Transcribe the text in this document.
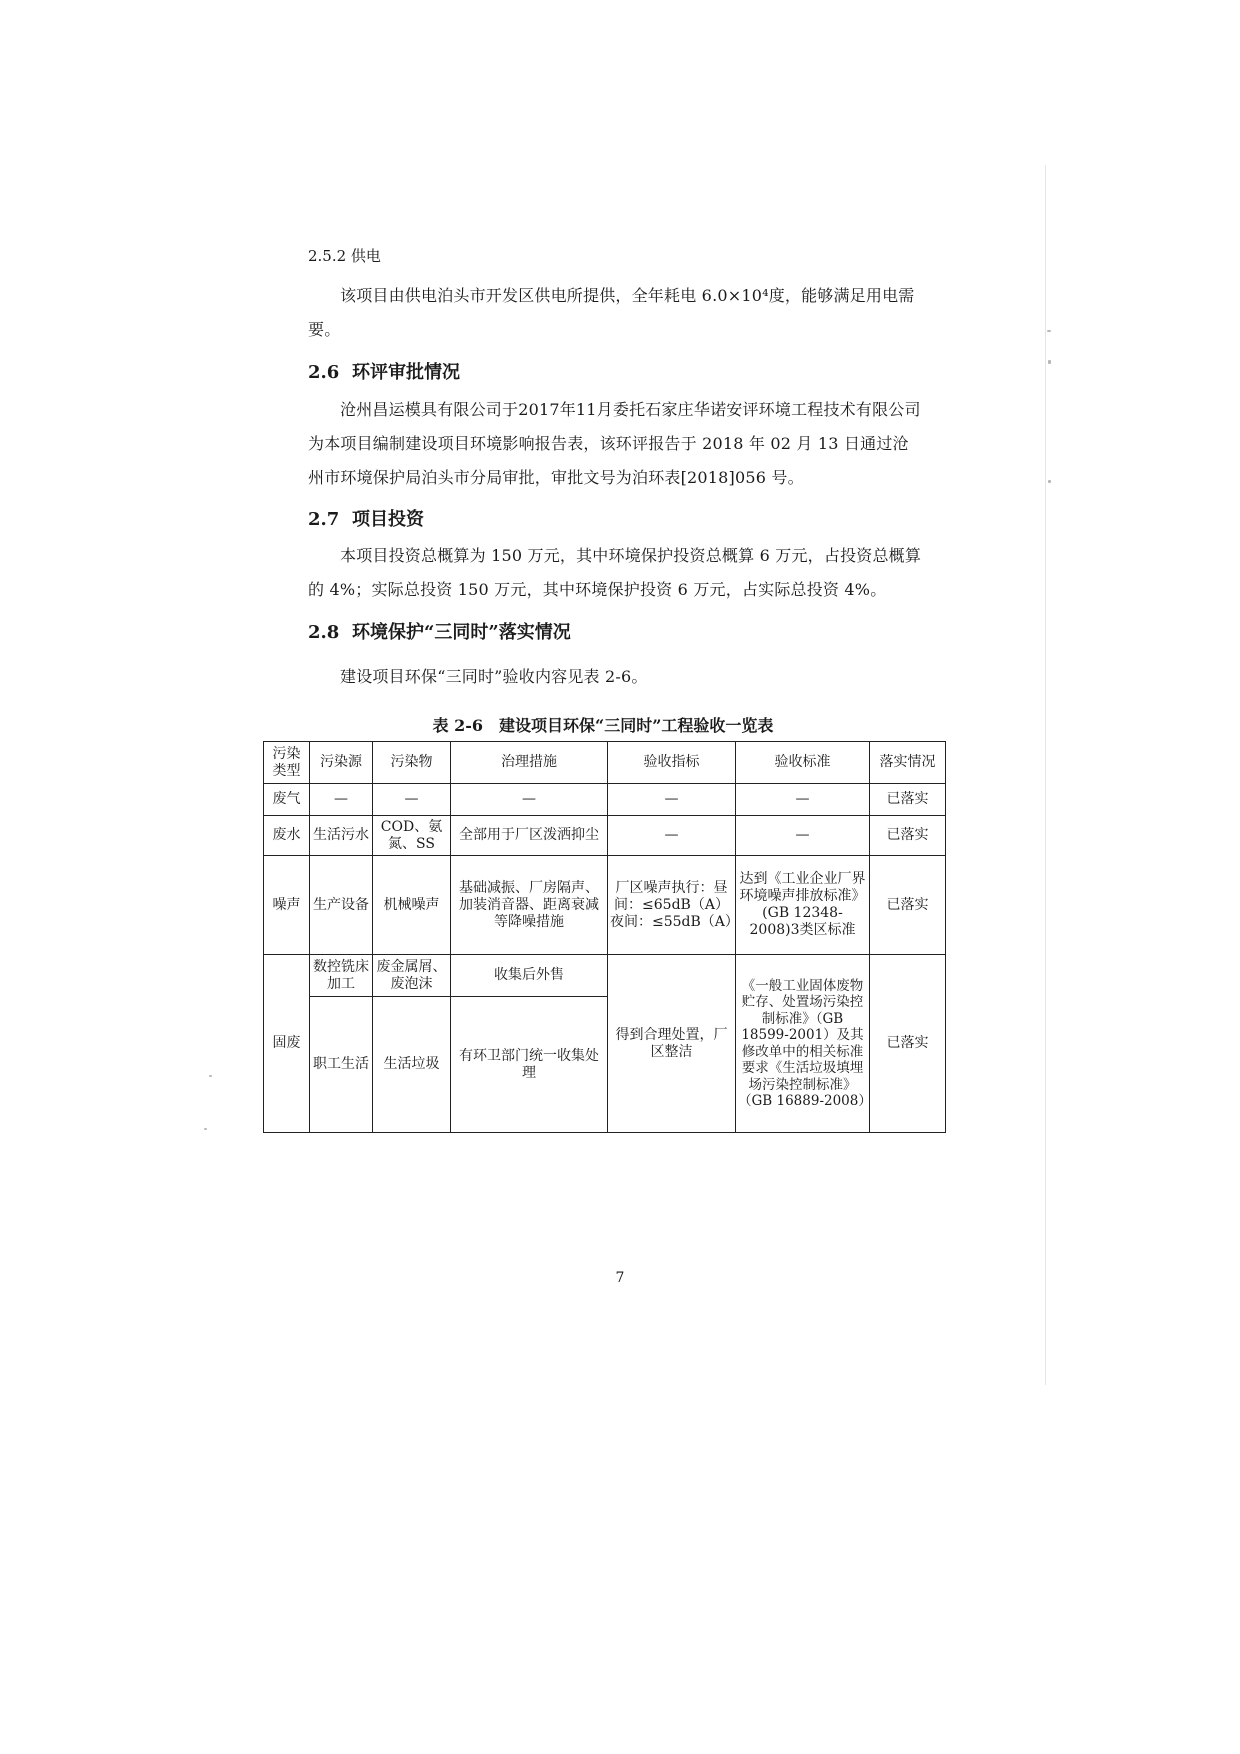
2.5.2 供电

该项目由供电泊头市开发区供电所提供，全年耗电 6.0×10⁴度，能够满足用电需要。

2.6 环评审批情况

沧州昌运模具有限公司于2017年11月委托石家庄华诺安评环境工程技术有限公司为本项目编制建设项目环境影响报告表，该环评报告于 2018 年 02 月 13 日通过沧州市环境保护局泊头市分局审批，审批文号为泊环表[2018]056 号。

2.7 项目投资

本项目投资总概算为 150 万元，其中环境保护投资总概算 6 万元，占投资总概算的 4%；实际总投资 150 万元，其中环境保护投资 6 万元，占实际总投资 4%。

2.8 环境保护“三同时”落实情况

建设项目环保“三同时”验收内容见表 2-6。

表 2-6　建设项目环保“三同时”工程验收一览表
污染类型	污染源	污染物	治理措施	验收指标	验收标准	落实情况
废气	—	—	—	—	—	已落实
废水	生活污水	COD、氨氮、SS	全部用于厂区泼洒抑尘	—	—	已落实
噪声	生产设备	机械噪声	基础减振、厂房隔声、加装消音器、距离衰减等降噪措施	厂区噪声执行：昼间：≤65dB（A）夜间：≤55dB（A）	达到《工业企业厂界环境噪声排放标准》(GB 12348-2008)3类区标准	已落实
固废	数控铣床加工	废金属屑、废泡沫	收集后外售	得到合理处置，厂区整洁	《一般工业固体废物贮存、处置场污染控制标准》（GB 18599-2001）及其修改单中的相关标准要求《生活垃圾填埋场污染控制标准》（GB 16889-2008）	已落实
	职工生活	生活垃圾	有环卫部门统一收集处理			
7
